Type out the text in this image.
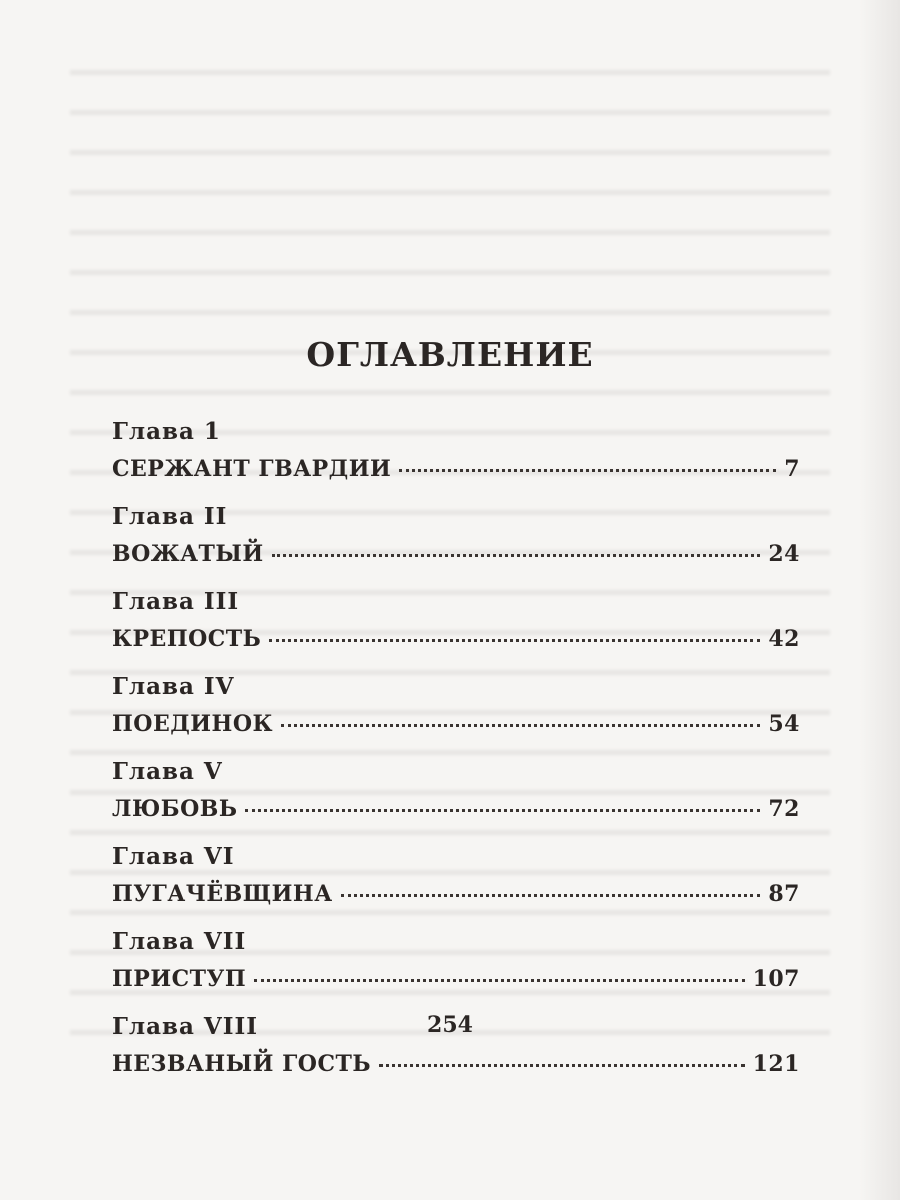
ОГЛАВЛЕНИЕ
Глава 1
СЕРЖАНТ ГВАРДИИ	7
Глава II
ВОЖАТЫЙ	24
Глава III
КРЕПОСТЬ	42
Глава IV
ПОЕДИНОК	54
Глава V
ЛЮБОВЬ	72
Глава VI
ПУГАЧЁВЩИНА	87
Глава VII
ПРИСТУП	107
Глава VIII
НЕЗВАНЫЙ ГОСТЬ	121
254
